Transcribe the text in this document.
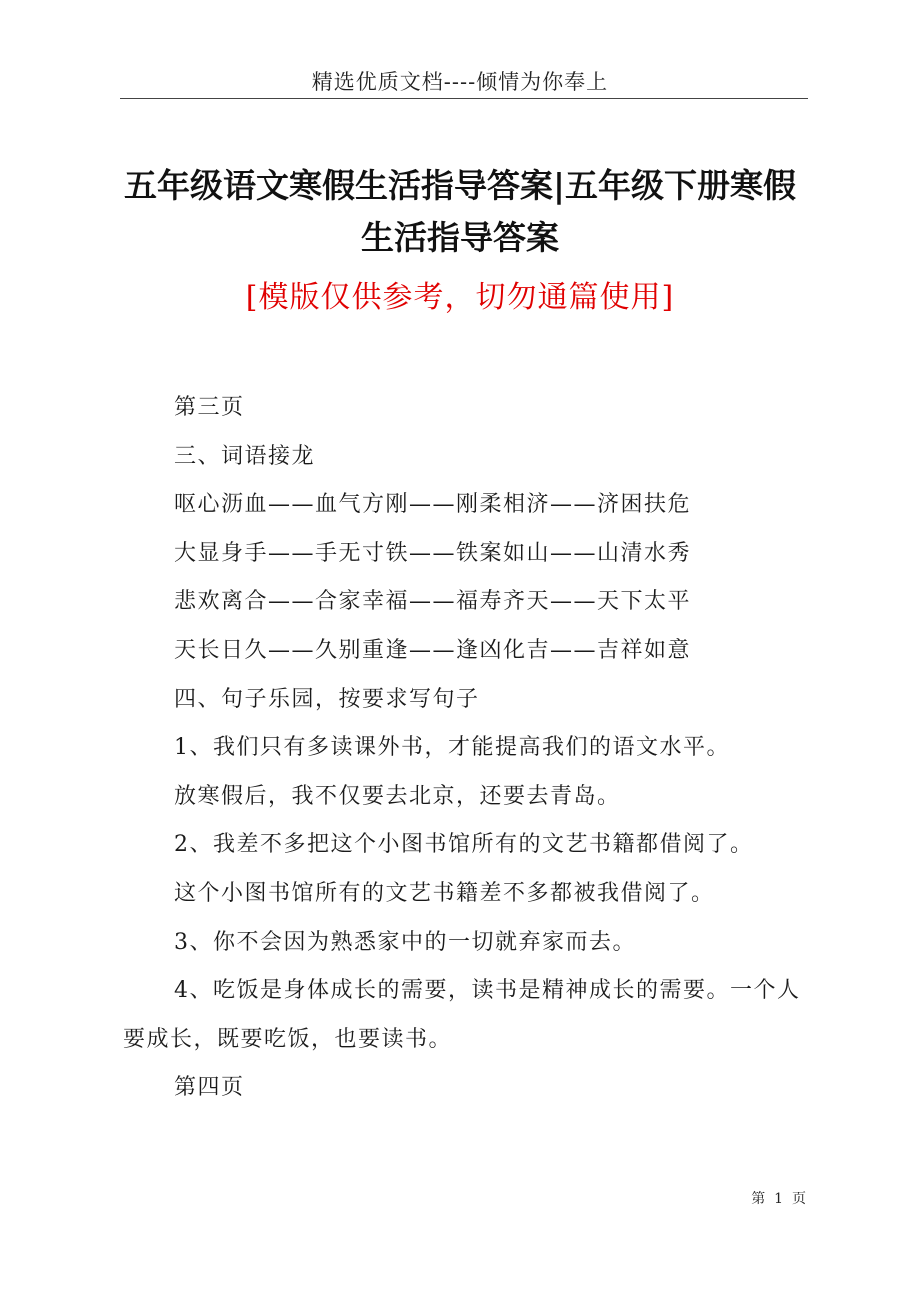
精选优质文档----倾情为你奉上
五年级语文寒假生活指导答案|五年级下册寒假生活指导答案
[模版仅供参考，切勿通篇使用]

第三页

三、词语接龙

呕心沥血——血气方刚——刚柔相济——济困扶危

大显身手——手无寸铁——铁案如山——山清水秀

悲欢离合——合家幸福——福寿齐天——天下太平

天长日久——久别重逢——逢凶化吉——吉祥如意

四、句子乐园，按要求写句子

1、我们只有多读课外书，才能提高我们的语文水平。

放寒假后，我不仅要去北京，还要去青岛。

2、我差不多把这个小图书馆所有的文艺书籍都借阅了。

这个小图书馆所有的文艺书籍差不多都被我借阅了。

3、你不会因为熟悉家中的一切就弃家而去。

4、吃饭是身体成长的需要，读书是精神成长的需要。一个人要成长，既要吃饭，也要读书。

第四页

第  1  页
